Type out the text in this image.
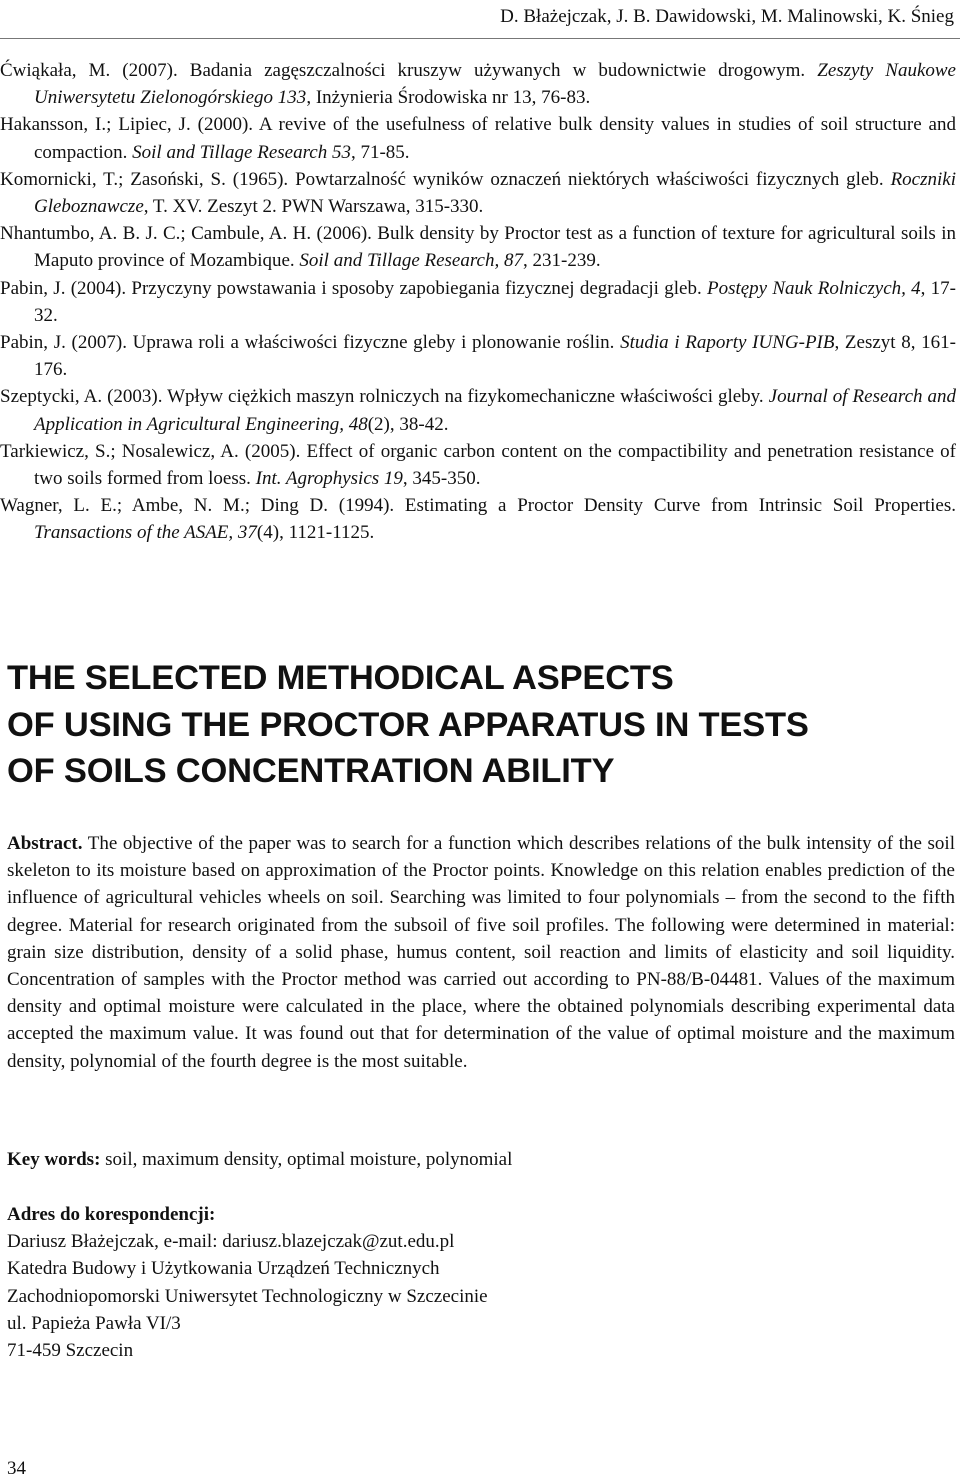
D. Błażejczak, J. B. Dawidowski, M. Malinowski, K. Śnieg
Ćwiąkała, M. (2007). Badania zagęszczalności kruszyw używanych w budownictwie drogowym. Zeszyty Naukowe Uniwersytetu Zielonogórskiego 133, Inżynieria Środowiska nr 13, 76-83.
Hakansson, I.; Lipiec, J. (2000). A revive of the usefulness of relative bulk density values in studies of soil structure and compaction. Soil and Tillage Research 53, 71-85.
Komornicki, T.; Zasoński, S. (1965). Powtarzalność wyników oznaczeń niektórych właściwości fizycznych gleb. Roczniki Gleboznawcze, T. XV. Zeszyt 2. PWN Warszawa, 315-330.
Nhantumbo, A. B. J. C.; Cambule, A. H. (2006). Bulk density by Proctor test as a function of texture for agricultural soils in Maputo province of Mozambique. Soil and Tillage Research, 87, 231-239.
Pabin, J. (2004). Przyczyny powstawania i sposoby zapobiegania fizycznej degradacji gleb. Postępy Nauk Rolniczych, 4, 17-32.
Pabin, J. (2007). Uprawa roli a właściwości fizyczne gleby i plonowanie roślin. Studia i Raporty IUNG-PIB, Zeszyt 8, 161-176.
Szeptycki, A. (2003). Wpływ ciężkich maszyn rolniczych na fizykomechaniczne właściwości gleby. Journal of Research and Application in Agricultural Engineering, 48(2), 38-42.
Tarkiewicz, S.; Nosalewicz, A. (2005). Effect of organic carbon content on the compactibility and penetration resistance of two soils formed from loess. Int. Agrophysics 19, 345-350.
Wagner, L. E.; Ambe, N. M.; Ding D. (1994). Estimating a Proctor Density Curve from Intrinsic Soil Properties. Transactions of the ASAE, 37(4), 1121-1125.
THE SELECTED METHODICAL ASPECTS
OF USING THE PROCTOR APPARATUS IN TESTS
OF SOILS CONCENTRATION ABILITY
Abstract. The objective of the paper was to search for a function which describes relations of the bulk intensity of the soil skeleton to its moisture based on approximation of the Proctor points. Knowledge on this relation enables prediction of the influence of agricultural vehicles wheels on soil. Searching was limited to four polynomials – from the second to the fifth degree. Material for research originated from the subsoil of five soil profiles. The following were determined in material: grain size distribution, density of a solid phase, humus content, soil reaction and limits of elasticity and soil liquidity. Concentration of samples with the Proctor method was carried out according to PN-88/B-04481. Values of the maximum density and optimal moisture were calculated in the place, where the obtained polynomials describing experimental data accepted the maximum value. It was found out that for determination of the value of optimal moisture and the maximum density, polynomial of the fourth degree is the most suitable.
Key words: soil, maximum density, optimal moisture, polynomial
Adres do korespondencji:
Dariusz Błażejczak, e-mail: dariusz.blazejczak@zut.edu.pl
Katedra Budowy i Użytkowania Urządzeń Technicznych
Zachodniopomorski Uniwersytet Technologiczny w Szczecinie
ul. Papieża Pawła VI/3
71-459 Szczecin
34
